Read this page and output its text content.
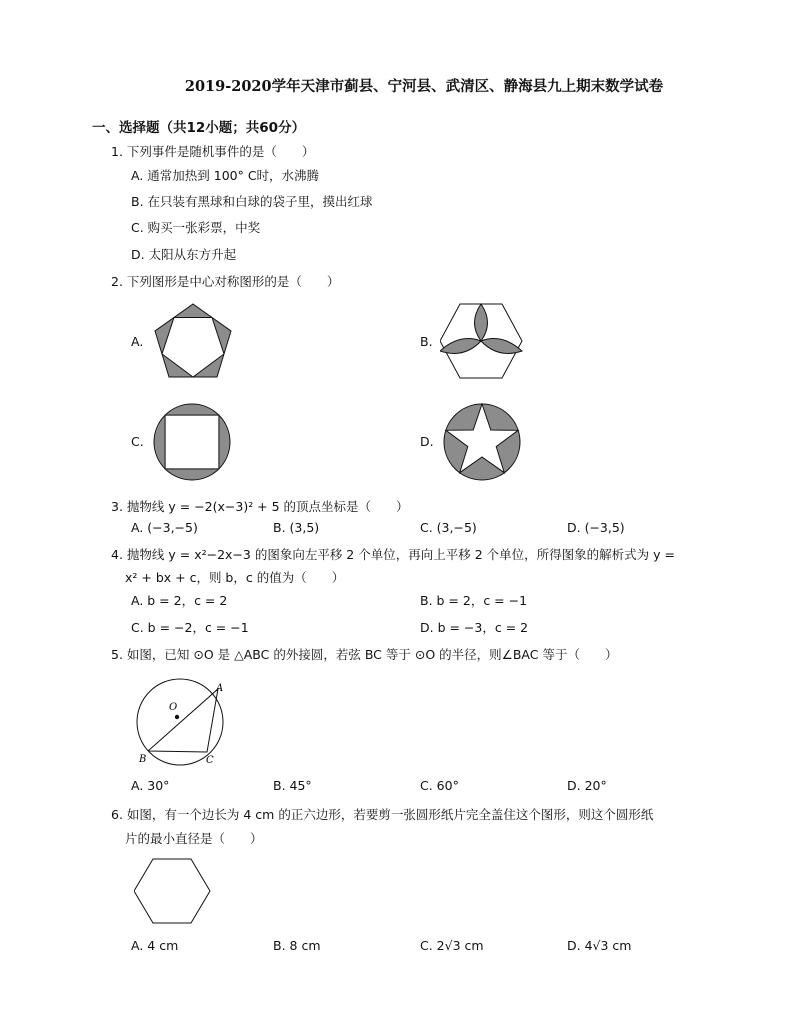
2019-2020学年天津市蓟县、宁河县、武清区、静海县九上期末数学试卷
一、选择题（共12小题；共60分）
1. 下列事件是随机事件的是（　　）
A. 通常加热到 100° C时，水沸腾
B. 在只装有黑球和白球的袋子里，摸出红球
C. 购买一张彩票，中奖
D. 太阳从东方升起
2. 下列图形是中心对称图形的是（　　）
A.	B.
C.	D.
3. 抛物线 y = −2(x−3)² + 5 的顶点坐标是（　　）
A. (−3,−5)	B. (3,5)	C. (3,−5)	D. (−3,5)
4. 抛物线 y = x²−2x−3 的图象向左平移 2 个单位，再向上平移 2 个单位，所得图象的解析式为 y =
x² + bx + c，则 b，c 的值为（　　）
A. b = 2，c = 2	B. b = 2，c = −1
C. b = −2，c = −1	D. b = −3，c = 2
5. 如图，已知 ⊙O 是 △ABC 的外接圆，若弦 BC 等于 ⊙O 的半径，则∠BAC 等于（　　）
O
A
B	C
A. 30°	B. 45°	C. 60°	D. 20°
6. 如图，有一个边长为 4 cm 的正六边形，若要剪一张圆形纸片完全盖住这个图形，则这个圆形纸
片的最小直径是（　　）
A. 4 cm	B. 8 cm	C. 2√3 cm	D. 4√3 cm
